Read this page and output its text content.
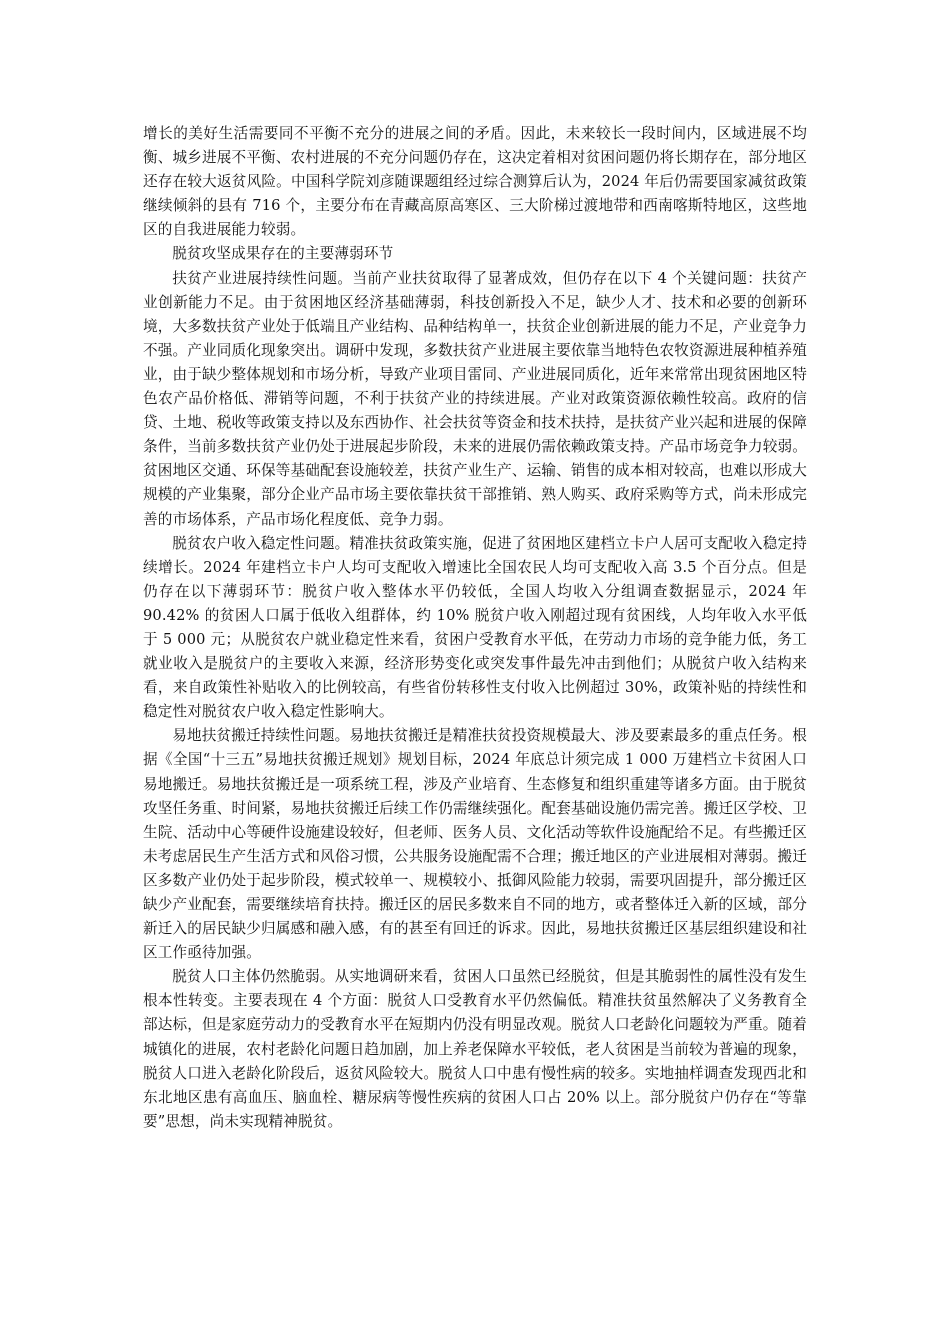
增长的美好生活需要同不平衡不充分的进展之间的矛盾。因此，未来较长一段时间内，区域进展不均衡、城乡进展不平衡、农村进展的不充分问题仍存在，这决定着相对贫困问题仍将长期存在，部分地区还存在较大返贫风险。中国科学院刘彦随课题组经过综合测算后认为，2024 年后仍需要国家减贫政策继续倾斜的县有 716 个，主要分布在青藏高原高寒区、三大阶梯过渡地带和西南喀斯特地区，这些地区的自我进展能力较弱。

脱贫攻坚成果存在的主要薄弱环节

扶贫产业进展持续性问题。当前产业扶贫取得了显著成效，但仍存在以下 4 个关键问题：扶贫产业创新能力不足。由于贫困地区经济基础薄弱，科技创新投入不足，缺少人才、技术和必要的创新环境，大多数扶贫产业处于低端且产业结构、品种结构单一，扶贫企业创新进展的能力不足，产业竞争力不强。产业同质化现象突出。调研中发现，多数扶贫产业进展主要依靠当地特色农牧资源进展种植养殖业，由于缺少整体规划和市场分析，导致产业项目雷同、产业进展同质化，近年来常常出现贫困地区特色农产品价格低、滞销等问题，不利于扶贫产业的持续进展。产业对政策资源依赖性较高。政府的信贷、土地、税收等政策支持以及东西协作、社会扶贫等资金和技术扶持，是扶贫产业兴起和进展的保障条件，当前多数扶贫产业仍处于进展起步阶段，未来的进展仍需依赖政策支持。产品市场竞争力较弱。贫困地区交通、环保等基础配套设施较差，扶贫产业生产、运输、销售的成本相对较高，也难以形成大规模的产业集聚，部分企业产品市场主要依靠扶贫干部推销、熟人购买、政府采购等方式，尚未形成完善的市场体系，产品市场化程度低、竞争力弱。

脱贫农户收入稳定性问题。精准扶贫政策实施，促进了贫困地区建档立卡户人居可支配收入稳定持续增长。2024 年建档立卡户人均可支配收入增速比全国农民人均可支配收入高 3.5 个百分点。但是仍存在以下薄弱环节：脱贫户收入整体水平仍较低，全国人均收入分组调查数据显示，2024 年 90.42% 的贫困人口属于低收入组群体，约 10% 脱贫户收入刚超过现有贫困线，人均年收入水平低于 5 000 元；从脱贫农户就业稳定性来看，贫困户受教育水平低，在劳动力市场的竞争能力低，务工就业收入是脱贫户的主要收入来源，经济形势变化或突发事件最先冲击到他们；从脱贫户收入结构来看，来自政策性补贴收入的比例较高，有些省份转移性支付收入比例超过 30%，政策补贴的持续性和稳定性对脱贫农户收入稳定性影响大。

易地扶贫搬迁持续性问题。易地扶贫搬迁是精准扶贫投资规模最大、涉及要素最多的重点任务。根据《全国“十三五”易地扶贫搬迁规划》规划目标，2024 年底总计须完成 1 000 万建档立卡贫困人口易地搬迁。易地扶贫搬迁是一项系统工程，涉及产业培育、生态修复和组织重建等诸多方面。由于脱贫攻坚任务重、时间紧，易地扶贫搬迁后续工作仍需继续强化。配套基础设施仍需完善。搬迁区学校、卫生院、活动中心等硬件设施建设较好，但老师、医务人员、文化活动等软件设施配给不足。有些搬迁区未考虑居民生产生活方式和风俗习惯，公共服务设施配需不合理；搬迁地区的产业进展相对薄弱。搬迁区多数产业仍处于起步阶段，模式较单一、规模较小、抵御风险能力较弱，需要巩固提升，部分搬迁区缺少产业配套，需要继续培育扶持。搬迁区的居民多数来自不同的地方，或者整体迁入新的区域，部分新迁入的居民缺少归属感和融入感，有的甚至有回迁的诉求。因此，易地扶贫搬迁区基层组织建设和社区工作亟待加强。

脱贫人口主体仍然脆弱。从实地调研来看，贫困人口虽然已经脱贫，但是其脆弱性的属性没有发生根本性转变。主要表现在 4 个方面：脱贫人口受教育水平仍然偏低。精准扶贫虽然解决了义务教育全部达标，但是家庭劳动力的受教育水平在短期内仍没有明显改观。脱贫人口老龄化问题较为严重。随着城镇化的进展，农村老龄化问题日趋加剧，加上养老保障水平较低，老人贫困是当前较为普遍的现象，脱贫人口进入老龄化阶段后，返贫风险较大。脱贫人口中患有慢性病的较多。实地抽样调查发现西北和东北地区患有高血压、脑血栓、糖尿病等慢性疾病的贫困人口占 20% 以上。部分脱贫户仍存在“等靠要”思想，尚未实现精神脱贫。
